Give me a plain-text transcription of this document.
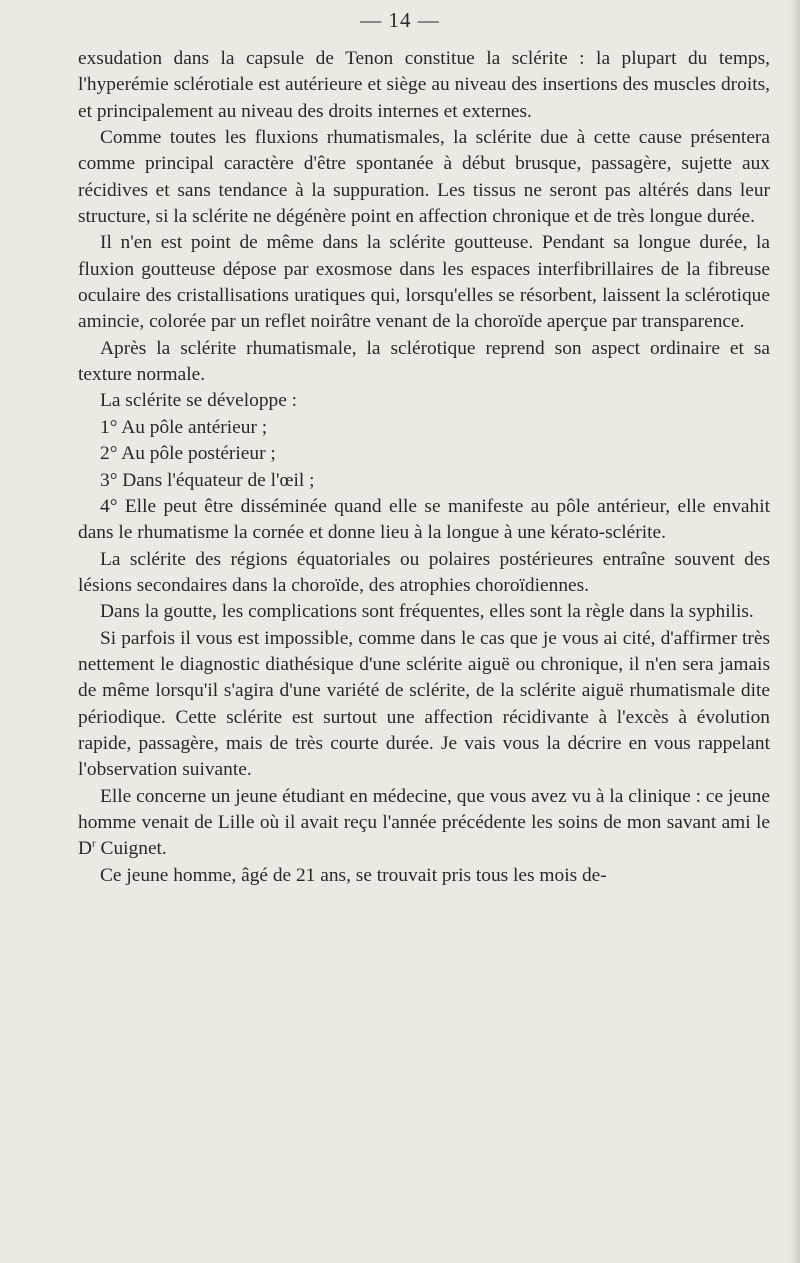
— 14 —

exsudation dans la capsule de Tenon constitue la sclérite : la plupart du temps, l'hyperémie sclérotiale est autérieure et siège au niveau des insertions des muscles droits, et principalement au niveau des droits internes et externes.

Comme toutes les fluxions rhumatismales, la sclérite due à cette cause présentera comme principal caractère d'être spontanée à début brusque, passagère, sujette aux récidives et sans tendance à la suppuration. Les tissus ne seront pas altérés dans leur structure, si la sclérite ne dégénère point en affection chronique et de très longue durée.

Il n'en est point de même dans la sclérite goutteuse. Pendant sa longue durée, la fluxion goutteuse dépose par exosmose dans les espaces interfibrillaires de la fibreuse oculaire des cristallisations uratiques qui, lorsqu'elles se résorbent, laissent la sclérotique amincie, colorée par un reflet noirâtre venant de la choroïde aperçue par transparence.

Après la sclérite rhumatismale, la sclérotique reprend son aspect ordinaire et sa texture normale.

La sclérite se développe :

1° Au pôle antérieur ;

2° Au pôle postérieur ;

3° Dans l'équateur de l'œil ;

4° Elle peut être disséminée quand elle se manifeste au pôle antérieur, elle envahit dans le rhumatisme la cornée et donne lieu à la longue à une kérato-sclérite.

La sclérite des régions équatoriales ou polaires postérieures entraîne souvent des lésions secondaires dans la choroïde, des atrophies choroïdiennes.

Dans la goutte, les complications sont fréquentes, elles sont la règle dans la syphilis.

Si parfois il vous est impossible, comme dans le cas que je vous ai cité, d'affirmer très nettement le diagnostic diathésique d'une sclérite aiguë ou chronique, il n'en sera jamais de même lorsqu'il s'agira d'une variété de sclérite, de la sclérite aiguë rhumatismale dite périodique. Cette sclérite est surtout une affection récidivante à l'excès à évolution rapide, passagère, mais de très courte durée. Je vais vous la décrire en vous rappelant l'observation suivante.

Elle concerne un jeune étudiant en médecine, que vous avez vu à la clinique : ce jeune homme venait de Lille où il avait reçu l'année précédente les soins de mon savant ami le $D^r$ Cuignet.

Ce jeune homme, âgé de 21 ans, se trouvait pris tous les mois de-
